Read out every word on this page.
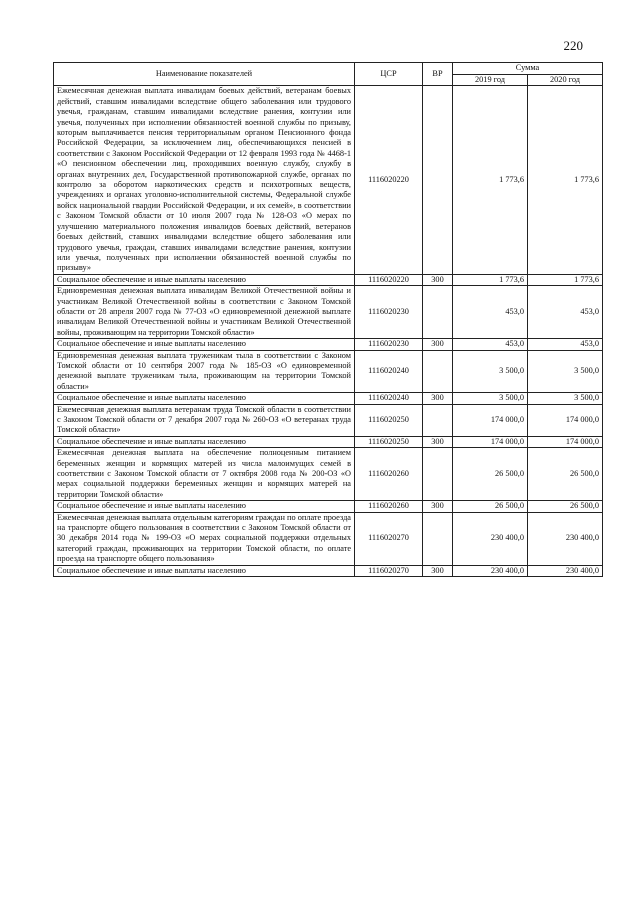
220
Наименование показателей	ЦСР	ВР	Сумма	
			2019 год	2020 год
Ежемесячная денежная выплата инвалидам боевых действий, ветеранам боевых действий, ставшим инвалидами вследствие общего заболевания или трудового увечья, гражданам, ставшим инвалидами вследствие ранения, контузии или увечья, полученных при исполнении обязанностей военной службы по призыву, которым выплачивается пенсия территориальным органом Пенсионного фонда Российской Федерации, за исключением лиц, обеспечивающихся пенсией в соответствии с Законом Российской Федерации от 12 февраля 1993 года № 4468-1 «О пенсионном обеспечении лиц, проходивших военную службу, службу в органах внутренних дел, Государственной противопожарной службе, органах по контролю за оборотом наркотических средств и психотропных веществ, учреждениях и органах уголовно-исполнительной системы, Федеральной службе войск национальной гвардии Российской Федерации, и их семей», в соответствии с Законом Томской области от 10 июля 2007 года № 128-ОЗ «О мерах по улучшению материального положения инвалидов боевых действий, ветеранов боевых действий, ставших инвалидами вследствие общего заболевания или трудового увечья, граждан, ставших инвалидами вследствие ранения, контузии или увечья, полученных при исполнении обязанностей военной службы по призыву»	1116020220		1 773,6	1 773,6
Социальное обеспечение и иные выплаты населению	1116020220	300	1 773,6	1 773,6
Единовременная денежная выплата инвалидам Великой Отечественной войны и участникам Великой Отечественной войны в соответствии с Законом Томской области от 28 апреля 2007 года № 77-ОЗ «О единовременной денежной выплате инвалидам Великой Отечественной войны и участникам Великой Отечественной войны, проживающим на территории Томской области»	1116020230		453,0	453,0
Социальное обеспечение и иные выплаты населению	1116020230	300	453,0	453,0
Единовременная денежная выплата труженикам тыла в соответствии с Законом Томской области от 10 сентября 2007 года № 185-ОЗ «О единовременной денежной выплате труженикам тыла, проживающим на территории Томской области»	1116020240		3 500,0	3 500,0
Социальное обеспечение и иные выплаты населению	1116020240	300	3 500,0	3 500,0
Ежемесячная денежная выплата ветеранам труда Томской области в соответствии с Законом Томской области от 7 декабря 2007 года № 260-ОЗ «О ветеранах труда Томской области»	1116020250		174 000,0	174 000,0
Социальное обеспечение и иные выплаты населению	1116020250	300	174 000,0	174 000,0
Ежемесячная денежная выплата на обеспечение полноценным питанием беременных женщин и кормящих матерей из числа малоимущих семей в соответствии с Законом Томской области от 7 октября 2008 года № 200-ОЗ «О мерах социальной поддержки беременных женщин и кормящих матерей на территории Томской области»	1116020260		26 500,0	26 500,0
Социальное обеспечение и иные выплаты населению	1116020260	300	26 500,0	26 500,0
Ежемесячная денежная выплата отдельным категориям граждан по оплате проезда на транспорте общего пользования в соответствии с Законом Томской области от 30 декабря 2014 года № 199-ОЗ «О мерах социальной поддержки отдельных категорий граждан, проживающих на территории Томской области, по оплате проезда на транспорте общего пользования»	1116020270		230 400,0	230 400,0
Социальное обеспечение и иные выплаты населению	1116020270	300	230 400,0	230 400,0
